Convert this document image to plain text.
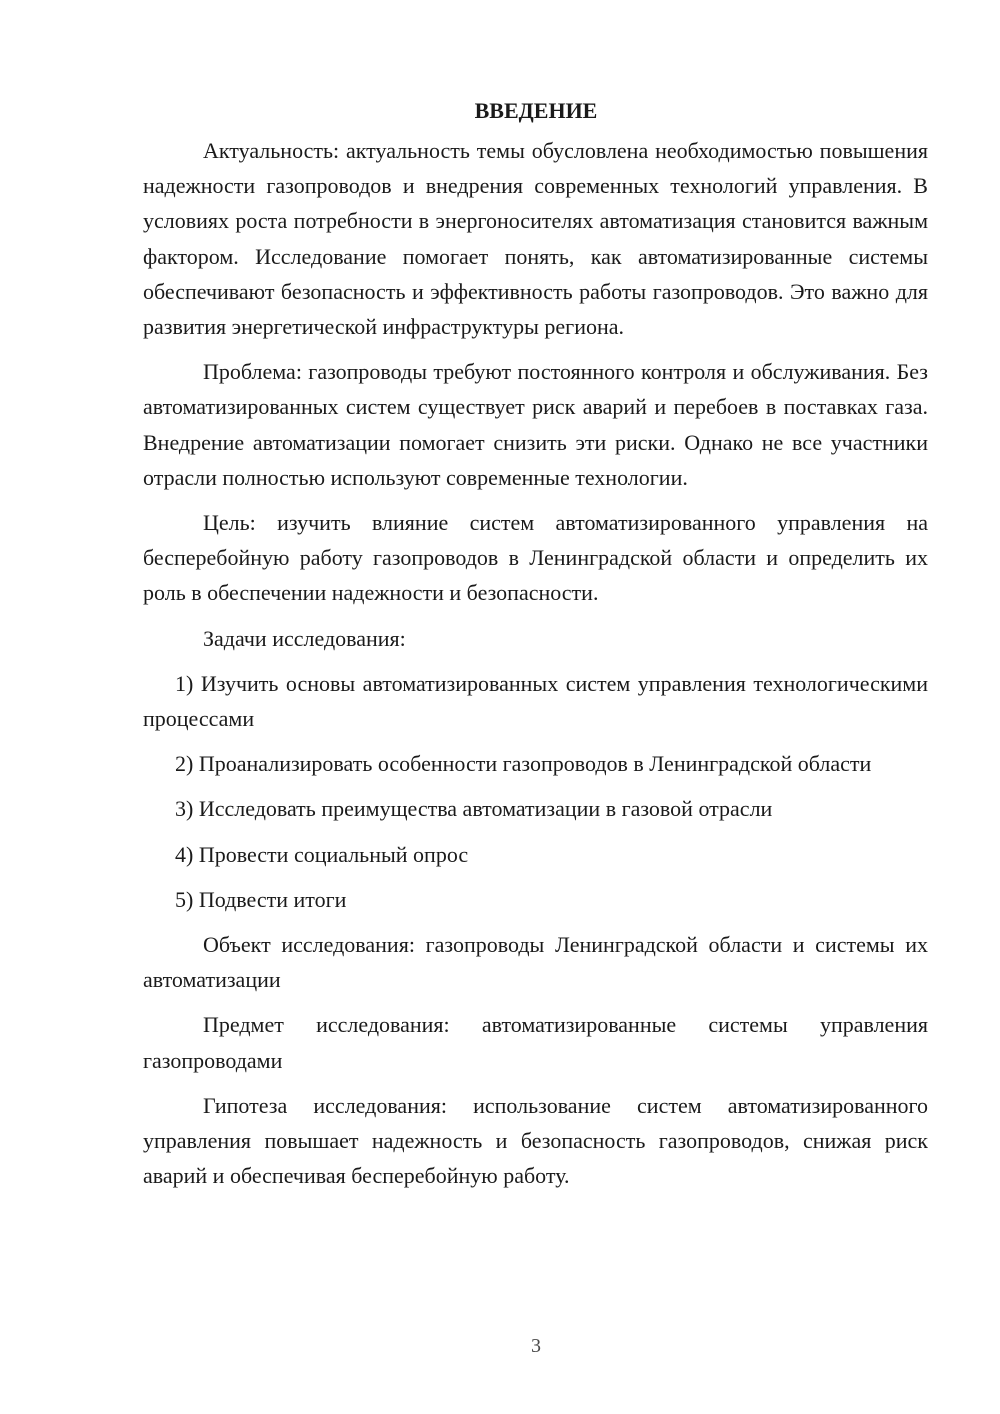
ВВЕДЕНИЕ

Актуальность: актуальность темы обусловлена необходимостью повышения надежности газопроводов и внедрения современных технологий управления. В условиях роста потребности в энергоносителях автоматизация становится важным фактором. Исследование помогает понять, как автоматизированные системы обеспечивают безопасность и эффективность работы газопроводов. Это важно для развития энергетической инфраструктуры региона.

Проблема: газопроводы требуют постоянного контроля и обслуживания. Без автоматизированных систем существует риск аварий и перебоев в поставках газа. Внедрение автоматизации помогает снизить эти риски. Однако не все участники отрасли полностью используют современные технологии.

Цель: изучить влияние систем автоматизированного управления на бесперебойную работу газопроводов в Ленинградской области и определить их роль в обеспечении надежности и безопасности.

Задачи исследования:

1) Изучить основы автоматизированных систем управления технологическими процессами

2) Проанализировать особенности газопроводов в Ленинградской области

3) Исследовать преимущества автоматизации в газовой отрасли

4) Провести социальный опрос

5) Подвести итоги

Объект исследования: газопроводы Ленинградской области и системы их автоматизации

Предмет исследования: автоматизированные системы управления газопроводами

Гипотеза исследования: использование систем автоматизированного управления повышает надежность и безопасность газопроводов, снижая риск аварий и обеспечивая бесперебойную работу.

3
